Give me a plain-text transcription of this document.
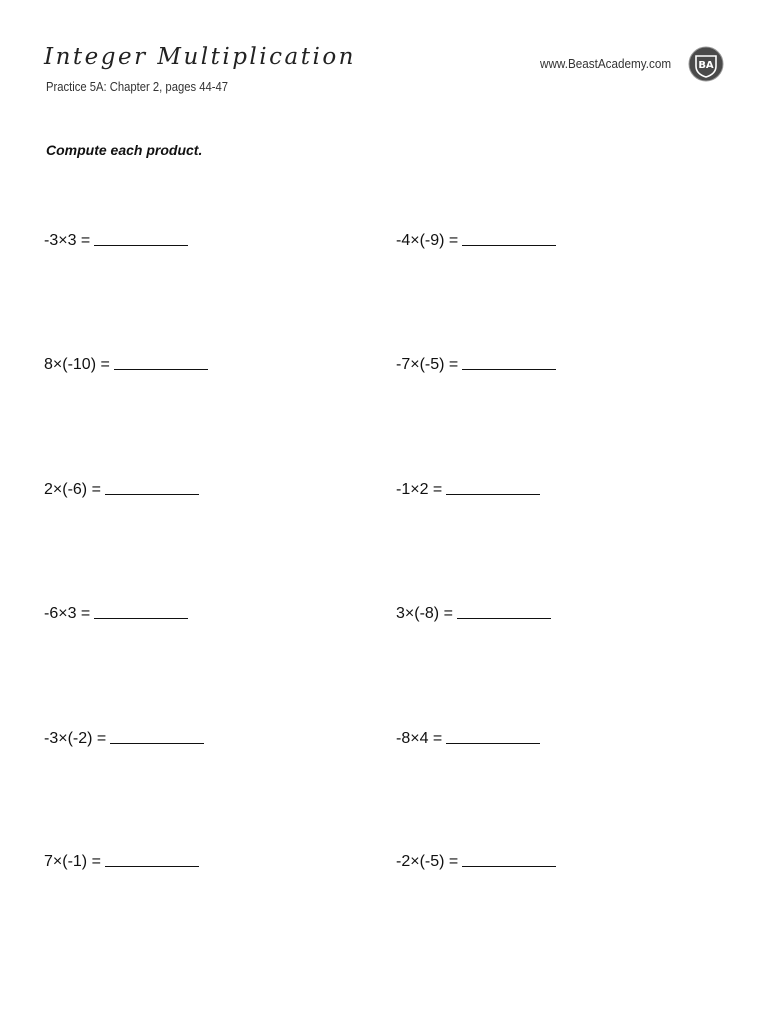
Integer Multiplication
Practice 5A: Chapter 2, pages 44-47
www.BeastAcademy.com	BA
Compute each product.
-3×3 =	-4×(-9) =
8×(-10) =	-7×(-5) =
2×(-6) =	-1×2 =
-6×3 =	3×(-8) =
-3×(-2) =	-8×4 =
7×(-1) =	-2×(-5) =
